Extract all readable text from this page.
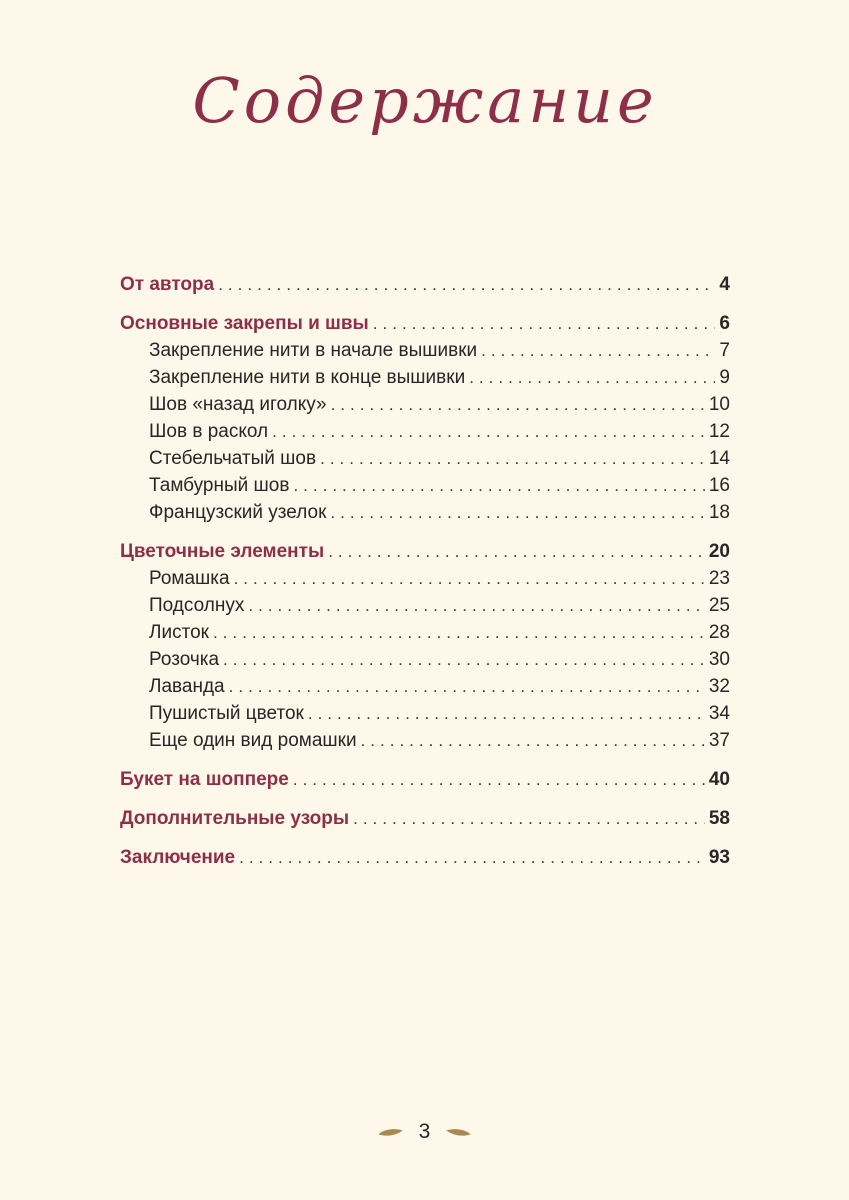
Содержание
От автора .....	4
Основные закрепы и швы .....	6
Закрепление нити в начале вышивки .....	7
Закрепление нити в конце вышивки .....	9
Шов «назад иголку» .....	10
Шов в раскол .....	12
Стебельчатый шов .....	14
Тамбурный шов .....	16
Французский узелок .....	18
Цветочные элементы .....	20
Ромашка .....	23
Подсолнух .....	25
Листок .....	28
Розочка .....	30
Лаванда .....	32
Пушистый цветок .....	34
Еще один вид ромашки .....	37
Букет на шоппере .....	40
Дополнительные узоры .....	58
Заключение .....	93
3
